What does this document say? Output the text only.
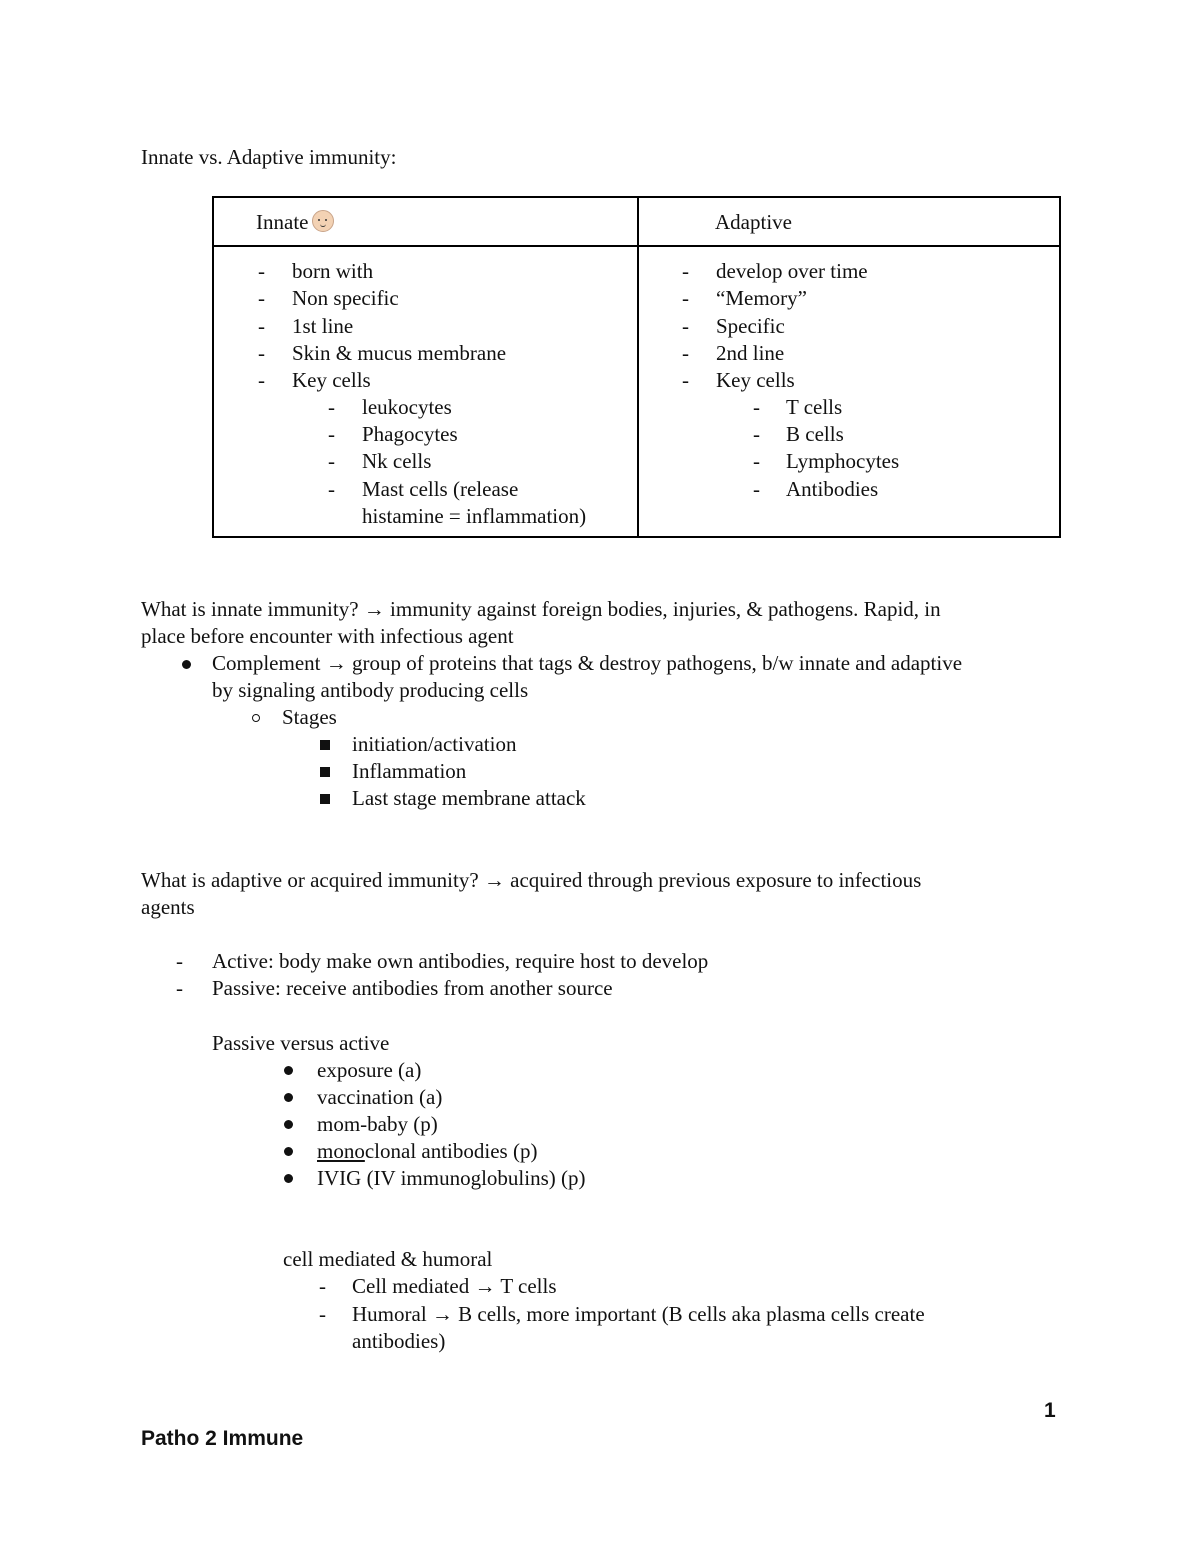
Innate vs. Adaptive immunity:
Innate	Adaptive
- born with
- Non specific
- 1st line
- Skin & mucus membrane
- Key cells
- leukocytes
- Phagocytes
- Nk cells
- Mast cells (release
histamine = inflammation)
- develop over time
- “Memory”
- Specific
- 2nd line
- Key cells
- T cells
- B cells
- Lymphocytes
- Antibodies
What is innate immunity? → immunity against foreign bodies, injuries, & pathogens. Rapid, in
place before encounter with infectious agent
Complement → group of proteins that tags & destroy pathogens, b/w innate and adaptive
by signaling antibody producing cells
Stages
initiation/activation
Inflammation
Last stage membrane attack
What is adaptive or acquired immunity? → acquired through previous exposure to infectious
agents
- Active: body make own antibodies, require host to develop
- Passive: receive antibodies from another source
Passive versus active
exposure (a)
vaccination (a)
mom-baby (p)
monoclonal antibodies (p)
IVIG (IV immunoglobulins) (p)
cell mediated & humoral
- Cell mediated → T cells
- Humoral → B cells, more important (B cells aka plasma cells create
antibodies)
1
Patho 2 Immune
